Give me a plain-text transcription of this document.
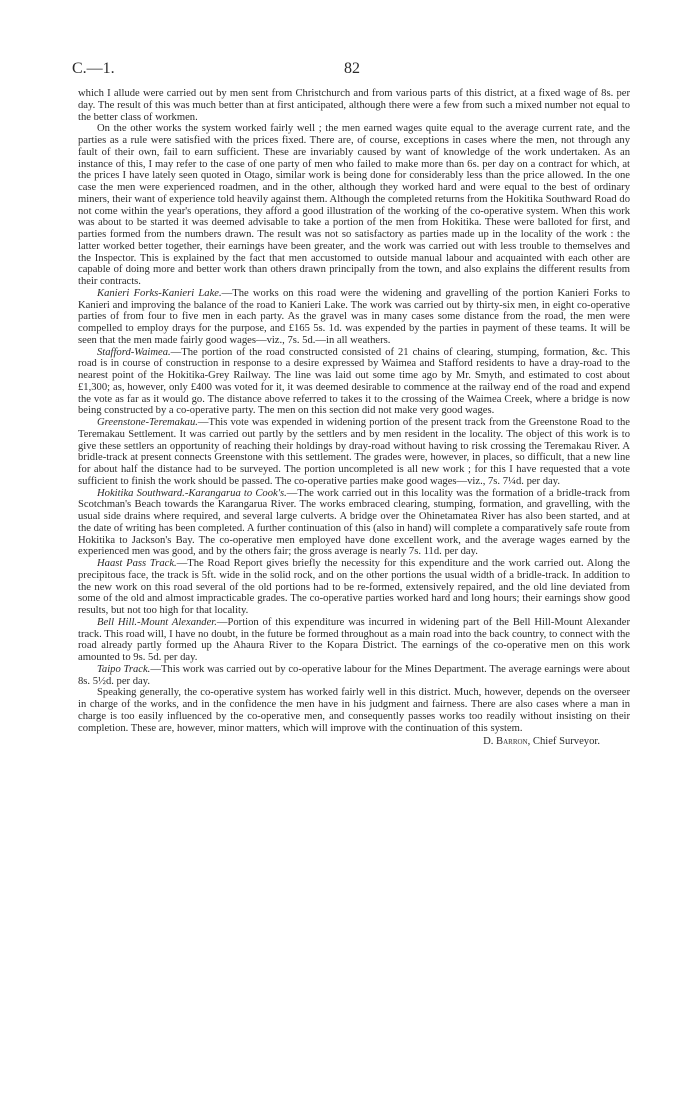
82
C.—1.

which I allude were carried out by men sent from Christchurch and from various parts of this district, at a fixed wage of 8s. per day. The result of this was much better than at first anticipated, although there were a few from such a mixed number not equal to the better class of workmen.

On the other works the system worked fairly well ; the men earned wages quite equal to the average current rate, and the parties as a rule were satisfied with the prices fixed. There are, of course, exceptions in cases where the men, not through any fault of their own, fail to earn sufficient. These are invariably caused by want of knowledge of the work undertaken. As an instance of this, I may refer to the case of one party of men who failed to make more than 6s. per day on a contract for which, at the prices I have lately seen quoted in Otago, similar work is being done for considerably less than the price allowed. In the one case the men were experienced roadmen, and in the other, although they worked hard and were equal to the best of ordinary miners, their want of experience told heavily against them. Although the completed returns from the Hokitika Southward Road do not come within the year's operations, they afford a good illustration of the working of the co-operative system. When this work was about to be started it was deemed advisable to take a portion of the men from Hokitika. These were balloted for first, and parties formed from the numbers drawn. The result was not so satisfactory as parties made up in the locality of the work : the latter worked better together, their earnings have been greater, and the work was carried out with less trouble to themselves and the Inspector. This is explained by the fact that men accustomed to outside manual labour and acquainted with each other are capable of doing more and better work than others drawn principally from the town, and also explains the different results from their contracts.

Kanieri Forks-Kanieri Lake.—The works on this road were the widening and gravelling of the portion Kanieri Forks to Kanieri and improving the balance of the road to Kanieri Lake. The work was carried out by thirty-six men, in eight co-operative parties of from four to five men in each party. As the gravel was in many cases some distance from the road, the men were compelled to employ drays for the purpose, and £165 5s. 1d. was expended by the parties in payment of these teams. It will be seen that the men made fairly good wages—viz., 7s. 5d.—in all weathers.

Stafford-Waimea.—The portion of the road constructed consisted of 21 chains of clearing, stumping, formation, &c. This road is in course of construction in response to a desire expressed by Waimea and Stafford residents to have a dray-road to the nearest point of the Hokitika-Grey Railway. The line was laid out some time ago by Mr. Smyth, and estimated to cost about £1,300; as, however, only £400 was voted for it, it was deemed desirable to commence at the railway end of the road and expend the vote as far as it would go. The distance above referred to takes it to the crossing of the Waimea Creek, where a bridge is now being constructed by a co-operative party. The men on this section did not make very good wages.

Greenstone-Teremakau.—This vote was expended in widening portion of the present track from the Greenstone Road to the Teremakau Settlement. It was carried out partly by the settlers and by men resident in the locality. The object of this work is to give these settlers an opportunity of reaching their holdings by dray-road without having to risk crossing the Teremakau River. A bridle-track at present connects Greenstone with this settlement. The grades were, however, in places, so difficult, that a new line for about half the distance had to be surveyed. The portion uncompleted is all new work ; for this I have requested that a vote sufficient to finish the work should be passed. The co-operative parties make good wages—viz., 7s. 7¼d. per day.

Hokitika Southward.-Karangarua to Cook's.—The work carried out in this locality was the formation of a bridle-track from Scotchman's Beach towards the Karangarua River. The works embraced clearing, stumping, formation, and gravelling, with the usual side drains where required, and several large culverts. A bridge over the Ohinetamatea River has also been started, and at the date of writing has been completed. A further continuation of this (also in hand) will complete a comparatively safe route from Hokitika to Jackson's Bay. The co-operative men employed have done excellent work, and the average wages earned by the experienced men was good, and by the others fair; the gross average is nearly 7s. 11d. per day.

Haast Pass Track.—The Road Report gives briefly the necessity for this expenditure and the work carried out. Along the precipitous face, the track is 5ft. wide in the solid rock, and on the other portions the usual width of a bridle-track. In addition to the new work on this road several of the old portions had to be re-formed, extensively repaired, and the old line deviated from some of the old and almost impracticable grades. The co-operative parties worked hard and long hours; their earnings show good results, but not too high for that locality.

Bell Hill.-Mount Alexander.—Portion of this expenditure was incurred in widening part of the Bell Hill-Mount Alexander track. This road will, I have no doubt, in the future be formed throughout as a main road into the back country, to connect with the road already partly formed up the Ahaura River to the Kopara District. The earnings of the co-operative men on this work amounted to 9s. 5d. per day.

Taipo Track.—This work was carried out by co-operative labour for the Mines Department. The average earnings were about 8s. 5½d. per day.

Speaking generally, the co-operative system has worked fairly well in this district. Much, however, depends on the overseer in charge of the works, and in the confidence the men have in his judgment and fairness. There are also cases where a man in charge is too easily influenced by the co-operative men, and consequently passes works too readily without insisting on their completion. These are, however, minor matters, which will improve with the continuation of this system.

D. Barron, Chief Surveyor.
